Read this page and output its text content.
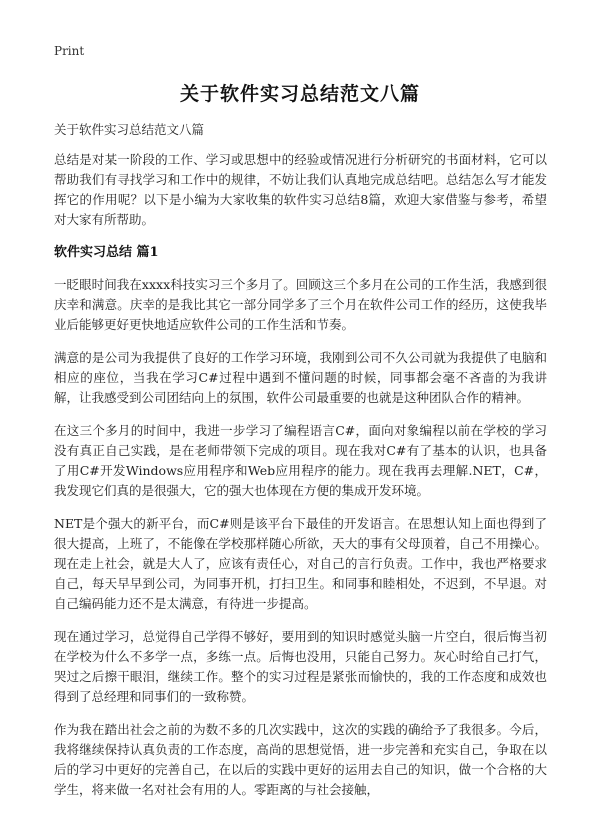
Print
关于软件实习总结范文八篇

关于软件实习总结范文八篇

总结是对某一阶段的工作、学习或思想中的经验或情况进行分析研究的书面材料，它可以帮助我们有寻找学习和工作中的规律，不妨让我们认真地完成总结吧。总结怎么写才能发挥它的作用呢？以下是小编为大家收集的软件实习总结8篇，欢迎大家借鉴与参考，希望对大家有所帮助。

软件实习总结 篇1

一眨眼时间我在xxxx科技实习三个多月了。回顾这三个多月在公司的工作生活，我感到很庆幸和满意。庆幸的是我比其它一部分同学多了三个月在软件公司工作的经历，这使我毕业后能够更好更快地适应软件公司的工作生活和节奏。

满意的是公司为我提供了良好的工作学习环境，我刚到公司不久公司就为我提供了电脑和相应的座位，当我在学习C#过程中遇到不懂问题的时候，同事都会毫不吝啬的为我讲解，让我感受到公司团结向上的氛围，软件公司最重要的也就是这种团队合作的精神。

在这三个多月的时间中，我进一步学习了编程语言C#，面向对象编程以前在学校的学习没有真正自己实践，是在老师带领下完成的项目。现在我对C#有了基本的认识，也具备了用C#开发Windows应用程序和Web应用程序的能力。现在我再去理解.NET，C#，我发现它们真的是很强大，它的强大也体现在方便的集成开发环境。

NET是个强大的新平台，而C#则是该平台下最佳的开发语言。在思想认知上面也得到了很大提高，上班了，不能像在学校那样随心所欲，天大的事有父母顶着，自己不用操心。现在走上社会，就是大人了，应该有责任心，对自己的言行负责。工作中，我也严格要求自己，每天早早到公司，为同事开机，打扫卫生。和同事和睦相处，不迟到，不早退。对自己编码能力还不是太满意，有待进一步提高。

现在通过学习，总觉得自己学得不够好，要用到的知识时感觉头脑一片空白，很后悔当初在学校为什么不多学一点，多练一点。后悔也没用，只能自己努力。灰心时给自己打气，哭过之后擦干眼泪，继续工作。整个的实习过程是紧张而愉快的，我的工作态度和成效也得到了总经理和同事们的一致称赞。

作为我在踏出社会之前的为数不多的几次实践中，这次的实践的确给予了我很多。今后，我将继续保持认真负责的工作态度，高尚的思想觉悟，进一步完善和充实自己，争取在以后的学习中更好的完善自己，在以后的实践中更好的运用去自己的知识，做一个合格的大学生，将来做一名对社会有用的人。零距离的与社会接触，
